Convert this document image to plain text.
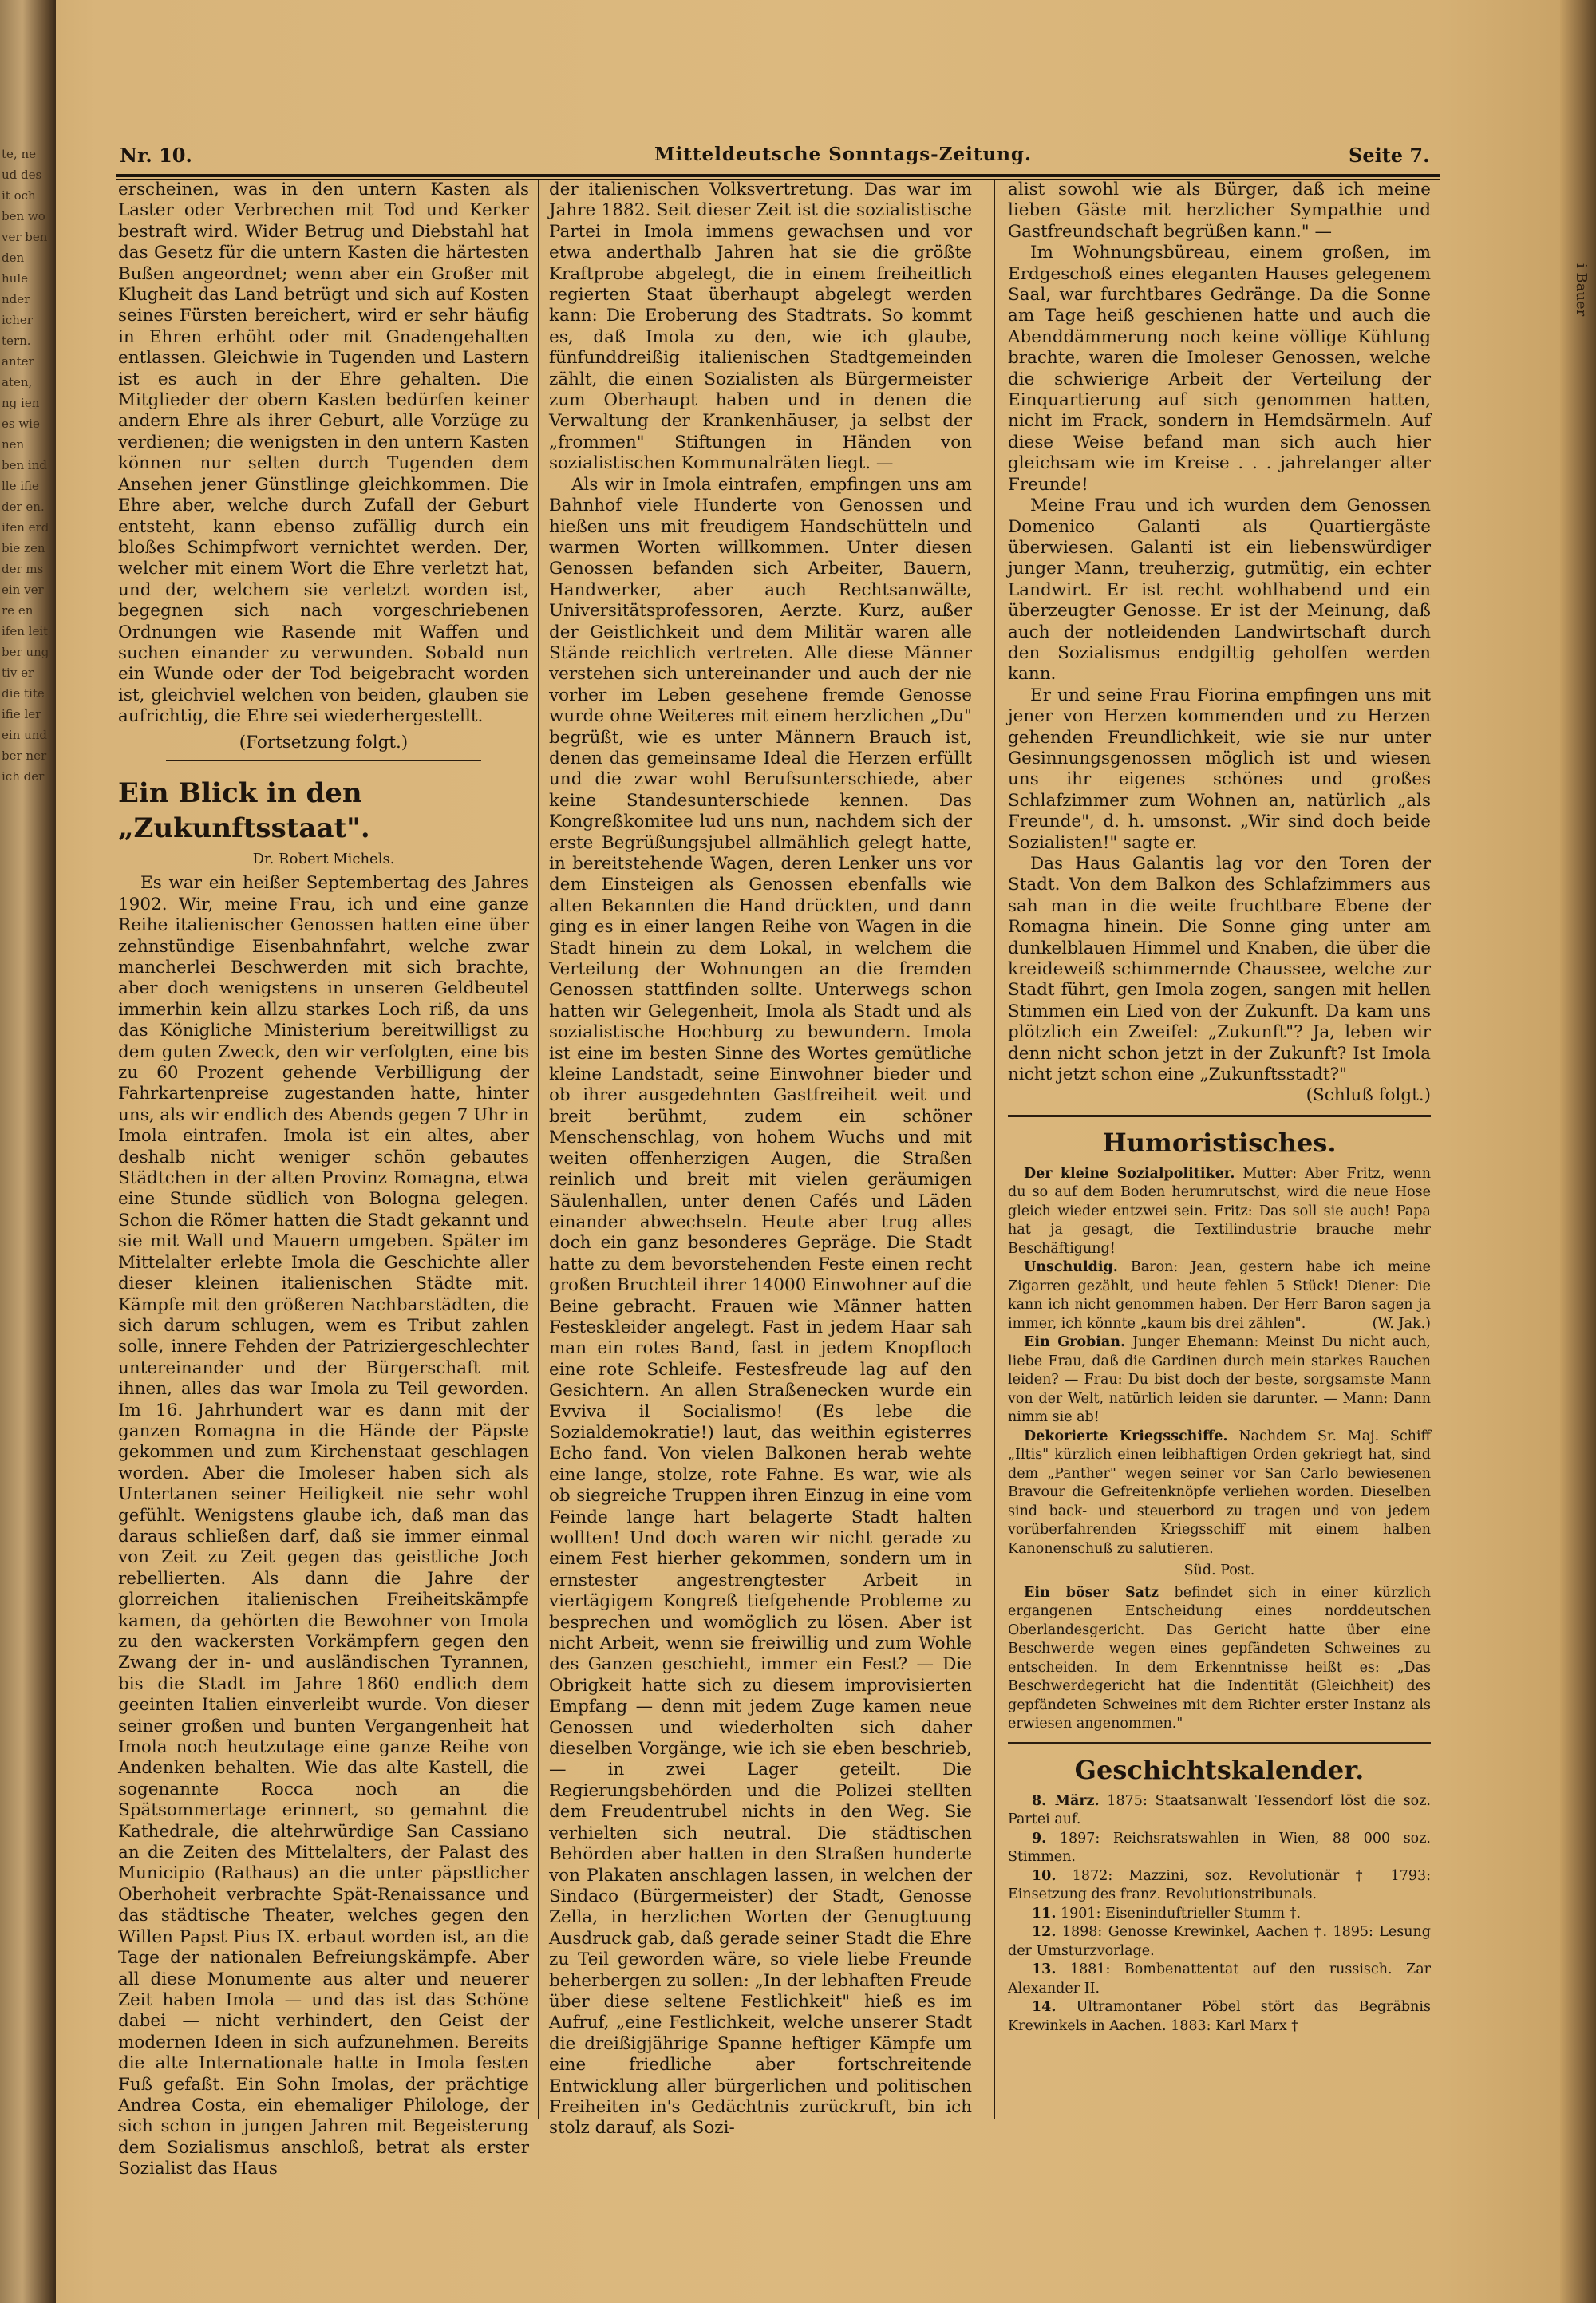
te, ne ud des it och ben wo ver ben den hule nder icher tern. anter aten, ng ien es wie nen ben ind lle ifie der en. ifen erd bie zen der ms ein ver re en ifen leit ber ung tiv er die tite ifie ler ein und ber ner ich der
i Bauer
Nr. 10.	Mitteldeutsche Sonntags-Zeitung.	Seite 7.

erscheinen, was in den untern Kasten als Laster oder Verbrechen mit Tod und Kerker bestraft wird. Wider Betrug und Diebstahl hat das Gesetz für die untern Kasten die härtesten Bußen angeordnet; wenn aber ein Großer mit Klugheit das Land betrügt und sich auf Kosten seines Fürsten bereichert, wird er sehr häufig in Ehren erhöht oder mit Gnadengehalten entlassen. Gleichwie in Tugenden und Lastern ist es auch in der Ehre gehalten. Die Mitglieder der obern Kasten bedürfen keiner andern Ehre als ihrer Geburt, alle Vorzüge zu verdienen; die wenigsten in den untern Kasten können nur selten durch Tugenden dem Ansehen jener Günstlinge gleichkommen. Die Ehre aber, welche durch Zufall der Geburt entsteht, kann ebenso zufällig durch ein bloßes Schimpfwort vernichtet werden. Der, welcher mit einem Wort die Ehre verletzt hat, und der, welchem sie verletzt worden ist, begegnen sich nach vorgeschriebenen Ordnungen wie Rasende mit Waffen und suchen einander zu verwunden. Sobald nun ein Wunde oder der Tod beigebracht worden ist, gleichviel welchen von beiden, glauben sie aufrichtig, die Ehre sei wiederhergestellt.

(Fortsetzung folgt.)

Ein Blick in den „Zukunftsstaat".
Dr. Robert Michels.

Es war ein heißer Septembertag des Jahres 1902. Wir, meine Frau, ich und eine ganze Reihe italienischer Genossen hatten eine über zehnstündige Eisenbahnfahrt, welche zwar mancherlei Beschwerden mit sich brachte, aber doch wenigstens in unseren Geldbeutel immerhin kein allzu starkes Loch riß, da uns das Königliche Ministerium bereitwilligst zu dem guten Zweck, den wir verfolgten, eine bis zu 60 Prozent gehende Verbilligung der Fahrkartenpreise zugestanden hatte, hinter uns, als wir endlich des Abends gegen 7 Uhr in Imola eintrafen. Imola ist ein altes, aber deshalb nicht weniger schön gebautes Städtchen in der alten Provinz Romagna, etwa eine Stunde südlich von Bologna gelegen. Schon die Römer hatten die Stadt gekannt und sie mit Wall und Mauern umgeben. Später im Mittelalter erlebte Imola die Geschichte aller dieser kleinen italienischen Städte mit. Kämpfe mit den größeren Nachbarstädten, die sich darum schlugen, wem es Tribut zahlen solle, innere Fehden der Patriziergeschlechter untereinander und der Bürgerschaft mit ihnen, alles das war Imola zu Teil geworden. Im 16. Jahrhundert war es dann mit der ganzen Romagna in die Hände der Päpste gekommen und zum Kirchenstaat geschlagen worden. Aber die Imoleser haben sich als Untertanen seiner Heiligkeit nie sehr wohl gefühlt. Wenigstens glaube ich, daß man das daraus schließen darf, daß sie immer einmal von Zeit zu Zeit gegen das geistliche Joch rebellierten. Als dann die Jahre der glorreichen italienischen Freiheitskämpfe kamen, da gehörten die Bewohner von Imola zu den wackersten Vorkämpfern gegen den Zwang der in- und ausländischen Tyrannen, bis die Stadt im Jahre 1860 endlich dem geeinten Italien einverleibt wurde. Von dieser seiner großen und bunten Vergangenheit hat Imola noch heutzutage eine ganze Reihe von Andenken behalten. Wie das alte Kastell, die sogenannte Rocca noch an die Spätsommertage erinnert, so gemahnt die Kathedrale, die altehrwürdige San Cassiano an die Zeiten des Mittelalters, der Palast des Municipio (Rathaus) an die unter päpstlicher Oberhoheit verbrachte Spät-Renaissance und das städtische Theater, welches gegen den Willen Papst Pius IX. erbaut worden ist, an die Tage der nationalen Befreiungskämpfe. Aber all diese Monumente aus alter und neuerer Zeit haben Imola — und das ist das Schöne dabei — nicht verhindert, den Geist der modernen Ideen in sich aufzunehmen. Bereits die alte Internationale hatte in Imola festen Fuß gefaßt. Ein Sohn Imolas, der prächtige Andrea Costa, ein ehemaliger Philologe, der sich schon in jungen Jahren mit Begeisterung dem Sozialismus anschloß, betrat als erster Sozialist das Haus

der italienischen Volksvertretung. Das war im Jahre 1882. Seit dieser Zeit ist die sozialistische Partei in Imola immens gewachsen und vor etwa anderthalb Jahren hat sie die größte Kraftprobe abgelegt, die in einem freiheitlich regierten Staat überhaupt abgelegt werden kann: Die Eroberung des Stadtrats. So kommt es, daß Imola zu den, wie ich glaube, fünfunddreißig italienischen Stadtgemeinden zählt, die einen Sozialisten als Bürgermeister zum Oberhaupt haben und in denen die Verwaltung der Krankenhäuser, ja selbst der „frommen" Stiftungen in Händen von sozialistischen Kommunalräten liegt. —

Als wir in Imola eintrafen, empfingen uns am Bahnhof viele Hunderte von Genossen und hießen uns mit freudigem Handschütteln und warmen Worten willkommen. Unter diesen Genossen befanden sich Arbeiter, Bauern, Handwerker, aber auch Rechtsanwälte, Universitätsprofessoren, Aerzte. Kurz, außer der Geistlichkeit und dem Militär waren alle Stände reichlich vertreten. Alle diese Männer verstehen sich untereinander und auch der nie vorher im Leben gesehene fremde Genosse wurde ohne Weiteres mit einem herzlichen „Du" begrüßt, wie es unter Männern Brauch ist, denen das gemeinsame Ideal die Herzen erfüllt und die zwar wohl Berufsunterschiede, aber keine Standesunterschiede kennen. Das Kongreßkomitee lud uns nun, nachdem sich der erste Begrüßungsjubel allmählich gelegt hatte, in bereitstehende Wagen, deren Lenker uns vor dem Einsteigen als Genossen ebenfalls wie alten Bekannten die Hand drückten, und dann ging es in einer langen Reihe von Wagen in die Stadt hinein zu dem Lokal, in welchem die Verteilung der Wohnungen an die fremden Genossen stattfinden sollte. Unterwegs schon hatten wir Gelegenheit, Imola als Stadt und als sozialistische Hochburg zu bewundern. Imola ist eine im besten Sinne des Wortes gemütliche kleine Landstadt, seine Einwohner bieder und ob ihrer ausgedehnten Gastfreiheit weit und breit berühmt, zudem ein schöner Menschenschlag, von hohem Wuchs und mit weiten offenherzigen Augen, die Straßen reinlich und breit mit vielen geräumigen Säulenhallen, unter denen Cafés und Läden einander abwechseln. Heute aber trug alles doch ein ganz besonderes Gepräge. Die Stadt hatte zu dem bevorstehenden Feste einen recht großen Bruchteil ihrer 14000 Einwohner auf die Beine gebracht. Frauen wie Männer hatten Festeskleider angelegt. Fast in jedem Haar sah man ein rotes Band, fast in jedem Knopfloch eine rote Schleife. Festesfreude lag auf den Gesichtern. An allen Straßenecken wurde ein Evviva il Socialismo! (Es lebe die Sozialdemokratie!) laut, das weithin egisterres Echo fand. Von vielen Balkonen herab wehte eine lange, stolze, rote Fahne. Es war, wie als ob siegreiche Truppen ihren Einzug in eine vom Feinde lange hart belagerte Stadt halten wollten! Und doch waren wir nicht gerade zu einem Fest hierher gekommen, sondern um in ernstester angestrengtester Arbeit in viertägigem Kongreß tiefgehende Probleme zu besprechen und womöglich zu lösen. Aber ist nicht Arbeit, wenn sie freiwillig und zum Wohle des Ganzen geschieht, immer ein Fest? — Die Obrigkeit hatte sich zu diesem improvisierten Empfang — denn mit jedem Zuge kamen neue Genossen und wiederholten sich daher dieselben Vorgänge, wie ich sie eben beschrieb, — in zwei Lager geteilt. Die Regierungsbehörden und die Polizei stellten dem Freudentrubel nichts in den Weg. Sie verhielten sich neutral. Die städtischen Behörden aber hatten in den Straßen hunderte von Plakaten anschlagen lassen, in welchen der Sindaco (Bürgermeister) der Stadt, Genosse Zella, in herzlichen Worten der Genugtuung Ausdruck gab, daß gerade seiner Stadt die Ehre zu Teil geworden wäre, so viele liebe Freunde beherbergen zu sollen: „In der lebhaften Freude über diese seltene Festlichkeit" hieß es im Aufruf, „eine Festlichkeit, welche unserer Stadt die dreißigjährige Spanne heftiger Kämpfe um eine friedliche aber fortschreitende Entwicklung aller bürgerlichen und politischen Freiheiten in's Gedächtnis zurückruft, bin ich stolz darauf, als Sozi-

alist sowohl wie als Bürger, daß ich meine lieben Gäste mit herzlicher Sympathie und Gastfreundschaft begrüßen kann." —

Im Wohnungsbüreau, einem großen, im Erdgeschoß eines eleganten Hauses gelegenem Saal, war furchtbares Gedränge. Da die Sonne am Tage heiß geschienen hatte und auch die Abenddämmerung noch keine völlige Kühlung brachte, waren die Imoleser Genossen, welche die schwierige Arbeit der Verteilung der Einquartierung auf sich genommen hatten, nicht im Frack, sondern in Hemdsärmeln. Auf diese Weise befand man sich auch hier gleichsam wie im Kreise . . . jahrelanger alter Freunde!

Meine Frau und ich wurden dem Genossen Domenico Galanti als Quartiergäste überwiesen. Galanti ist ein liebenswürdiger junger Mann, treuherzig, gutmütig, ein echter Landwirt. Er ist recht wohlhabend und ein überzeugter Genosse. Er ist der Meinung, daß auch der notleidenden Landwirtschaft durch den Sozialismus endgiltig geholfen werden kann.

Er und seine Frau Fiorina empfingen uns mit jener von Herzen kommenden und zu Herzen gehenden Freundlichkeit, wie sie nur unter Gesinnungsgenossen möglich ist und wiesen uns ihr eigenes schönes und großes Schlafzimmer zum Wohnen an, natürlich „als Freunde", d. h. umsonst. „Wir sind doch beide Sozialisten!" sagte er.

Das Haus Galantis lag vor den Toren der Stadt. Von dem Balkon des Schlafzimmers aus sah man in die weite fruchtbare Ebene der Romagna hinein. Die Sonne ging unter am dunkelblauen Himmel und Knaben, die über die kreideweiß schimmernde Chaussee, welche zur Stadt führt, gen Imola zogen, sangen mit hellen Stimmen ein Lied von der Zukunft. Da kam uns plötzlich ein Zweifel: „Zukunft"? Ja, leben wir denn nicht schon jetzt in der Zukunft? Ist Imola nicht jetzt schon eine „Zukunftsstadt?"

(Schluß folgt.)

Humoristisches.

Der kleine Sozialpolitiker. Mutter: Aber Fritz, wenn du so auf dem Boden herumrutschst, wird die neue Hose gleich wieder entzwei sein. Fritz: Das soll sie auch! Papa hat ja gesagt, die Textilindustrie brauche mehr Beschäftigung!

Unschuldig. Baron: Jean, gestern habe ich meine Zigarren gezählt, und heute fehlen 5 Stück! Diener: Die kann ich nicht genommen haben. Der Herr Baron sagen ja immer, ich könnte „kaum bis drei zählen".	(W. Jak.)

Ein Grobian. Junger Ehemann: Meinst Du nicht auch, liebe Frau, daß die Gardinen durch mein starkes Rauchen leiden? — Frau: Du bist doch der beste, sorgsamste Mann von der Welt, natürlich leiden sie darunter. — Mann: Dann nimm sie ab!

Dekorierte Kriegsschiffe. Nachdem Sr. Maj. Schiff „Iltis" kürzlich einen leibhaftigen Orden gekriegt hat, sind dem „Panther" wegen seiner vor San Carlo bewiesenen Bravour die Gefreitenknöpfe verliehen worden. Dieselben sind back- und steuerbord zu tragen und von jedem vorüberfahrenden Kriegsschiff mit einem halben Kanonenschuß zu salutieren.

Süd. Post.

Ein böser Satz befindet sich in einer kürzlich ergangenen Entscheidung eines norddeutschen Oberlandesgericht. Das Gericht hatte über eine Beschwerde wegen eines gepfändeten Schweines zu entscheiden. In dem Erkenntnisse heißt es: „Das Beschwerdegericht hat die Indentität (Gleichheit) des gepfändeten Schweines mit dem Richter erster Instanz als erwiesen angenommen."

Geschichtskalender.

8. März. 1875: Staatsanwalt Tessendorf löst die soz. Partei auf.

9. 1897: Reichsratswahlen in Wien, 88 000 soz. Stimmen.

10. 1872: Mazzini, soz. Revolutionär † 1793: Einsetzung des franz. Revolutionstribunals.

11. 1901: Eiseninduftrieller Stumm †.

12. 1898: Genosse Krewinkel, Aachen †. 1895: Lesung der Umsturzvorlage.

13. 1881: Bombenattentat auf den russisch. Zar Alexander II.

14. Ultramontaner Pöbel stört das Begräbnis Krewinkels in Aachen. 1883: Karl Marx †
